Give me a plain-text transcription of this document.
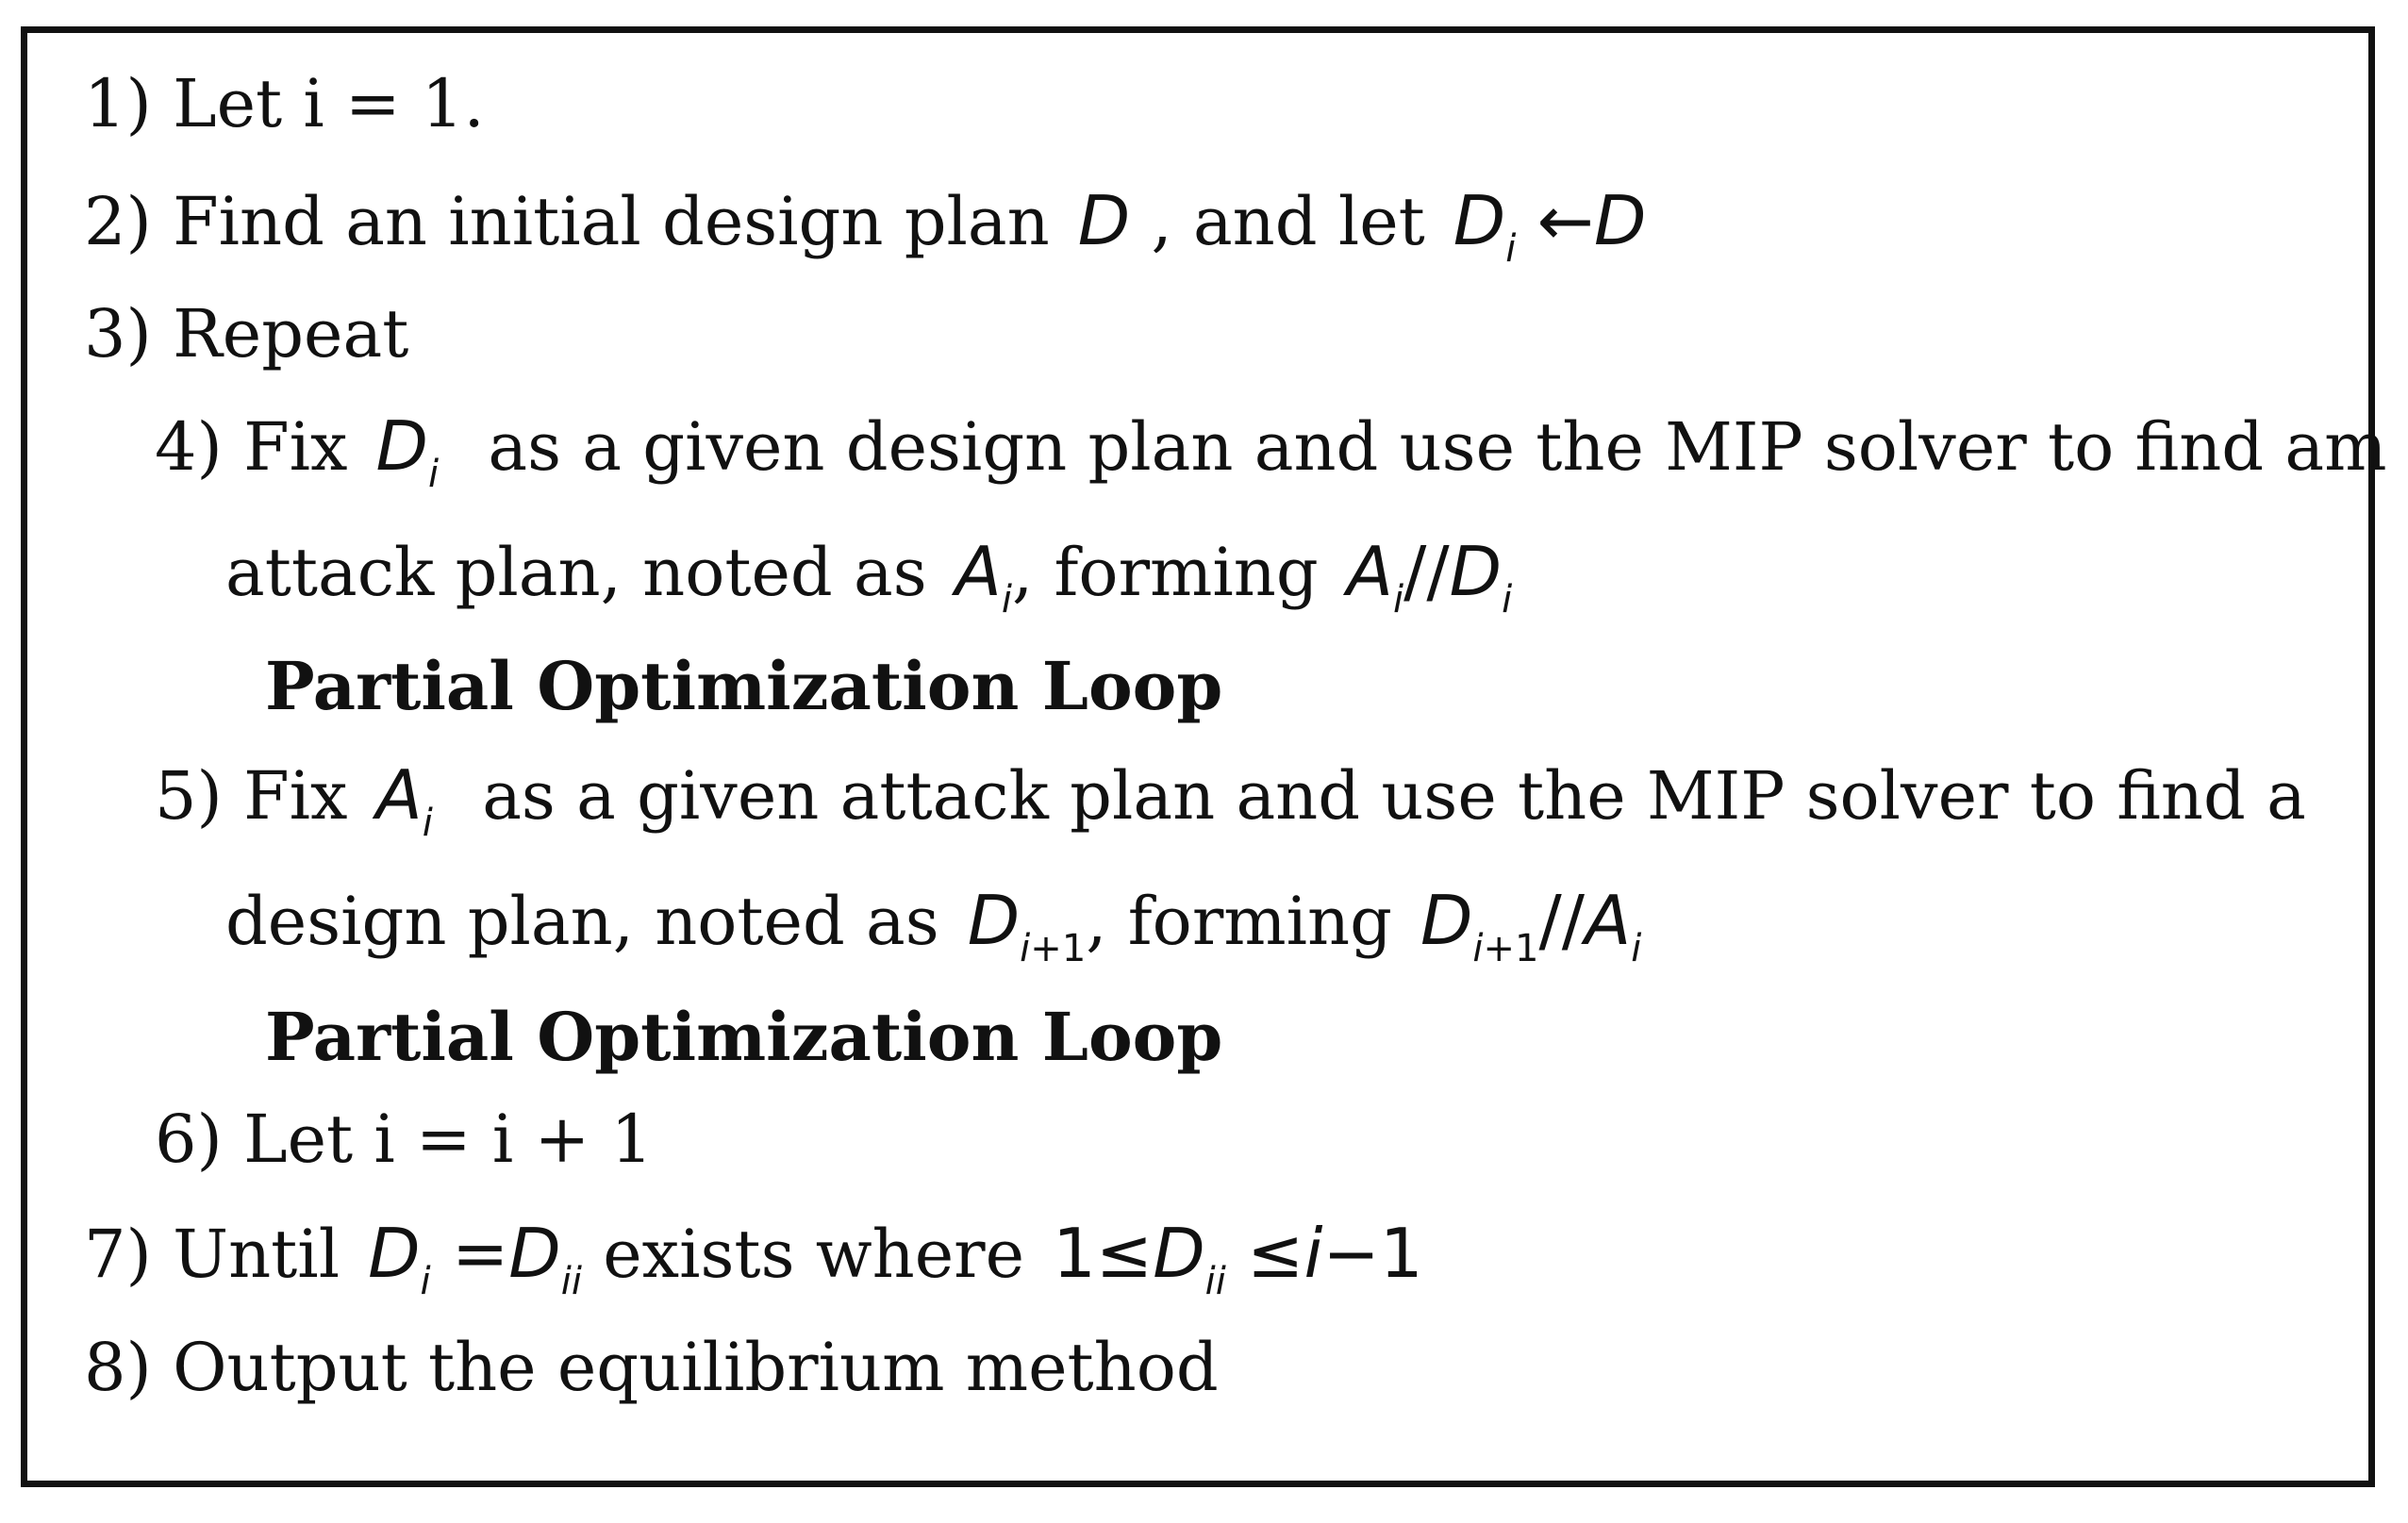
1) Let i = 1.
2) Find an initial design plan D , and let $D_i$ ←D
3) Repeat
4) Fix $D_i$ as a given design plan and use the MIP solver to find am
attack plan, noted as $A_i$, forming $A_i//D_i$
Partial Optimization Loop
5) Fix $A_i$ as a given attack plan and use the MIP solver to find a
design plan, noted as $D_{i+1}$, forming $D_{i+1}//A_i$
Partial Optimization Loop
6) Let i = i + 1
7) Until $D_i =D_{ii}$ exists where $1\le D_{ii} \le i-1$
8) Output the equilibrium method
